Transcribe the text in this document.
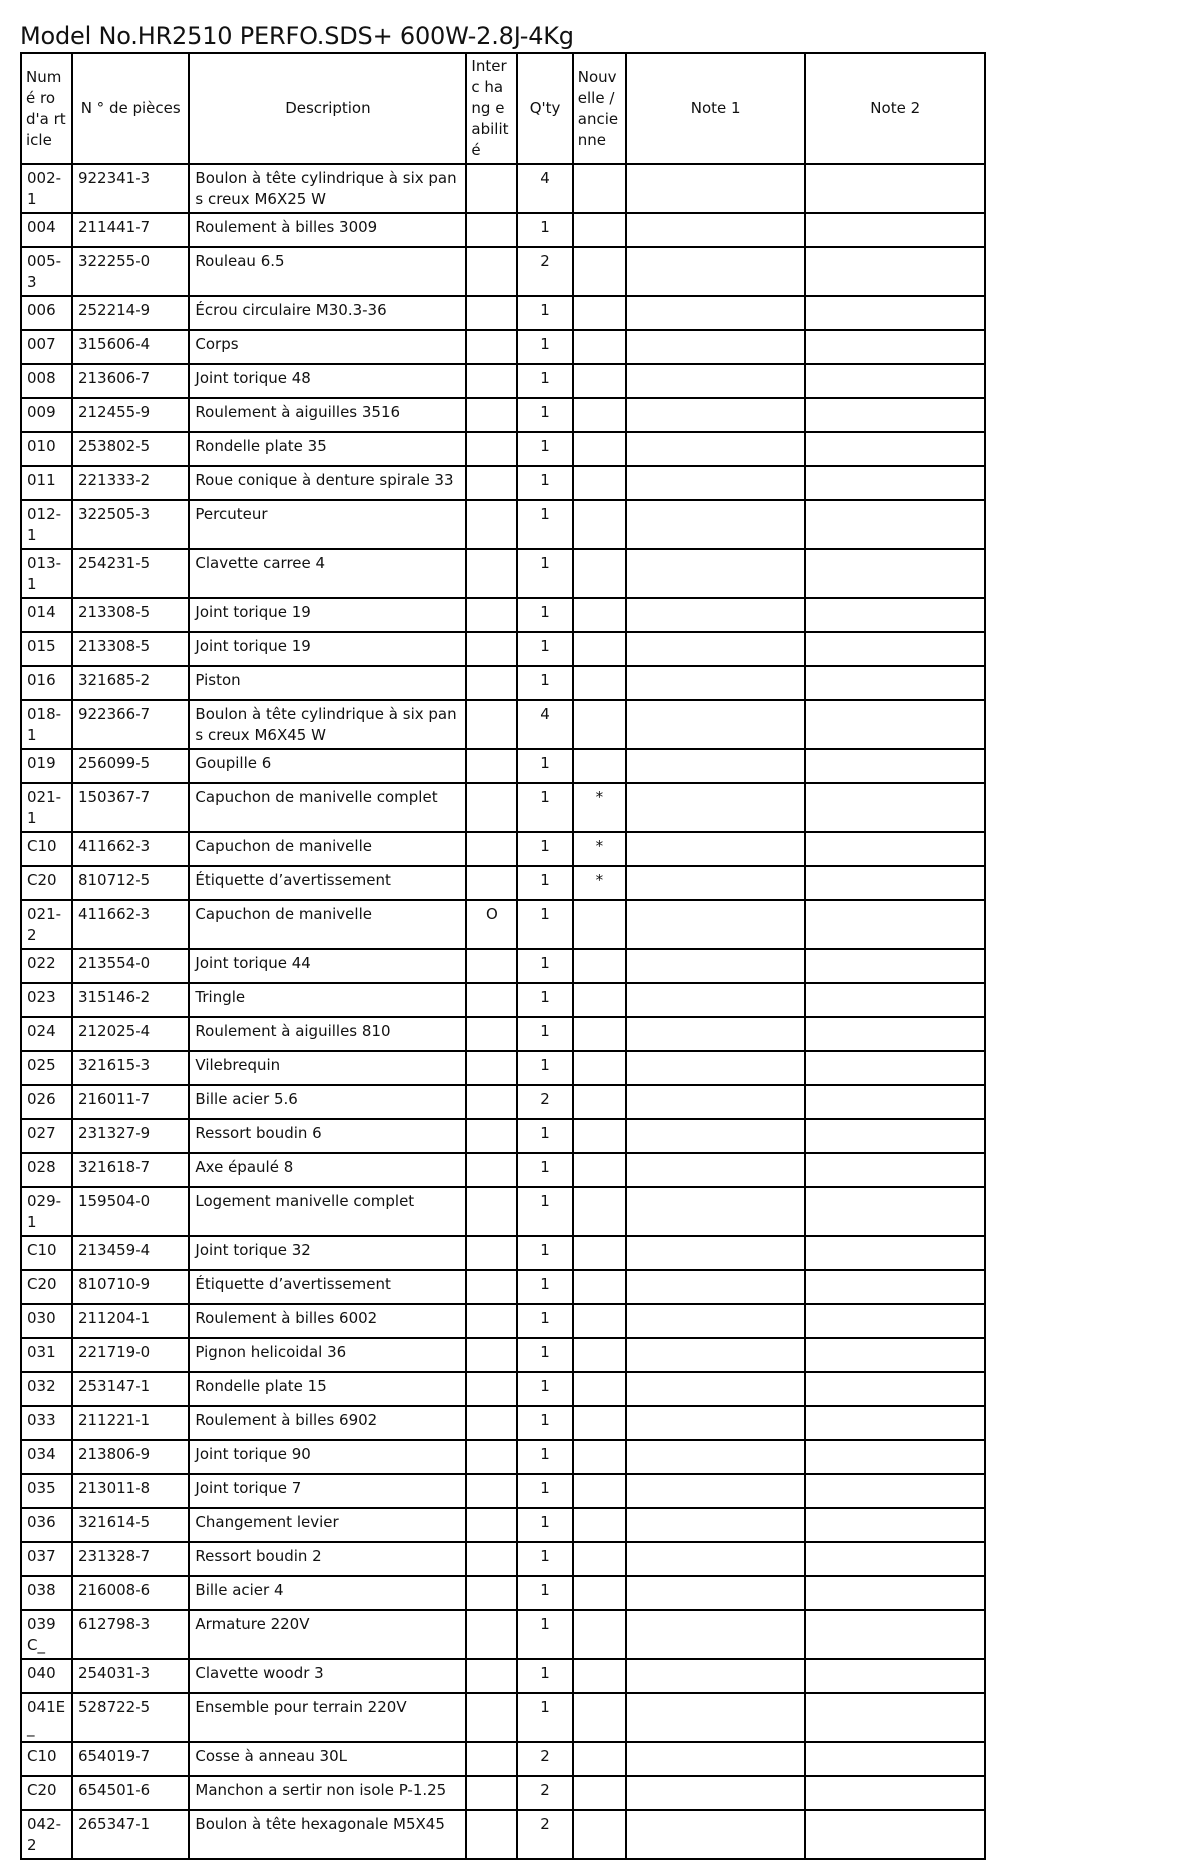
Model No.HR2510 PERFO.SDS+ 600W-2.8J-4Kg
Numé ro d'a rticle	N ° de pièces	Description	Interc hang eabilit é	Q'ty	Nouv elle / ancie nne	Note 1	Note 2
002-1	922341-3	Boulon à tête cylindrique à six pans creux M6X25 W		4			
004	211441-7	Roulement à billes 3009		1			
005-3	322255-0	Rouleau 6.5		2			
006	252214-9	Écrou circulaire M30.3-36		1			
007	315606-4	Corps		1			
008	213606-7	Joint torique 48		1			
009	212455-9	Roulement à aiguilles 3516		1			
010	253802-5	Rondelle plate 35		1			
011	221333-2	Roue conique à denture spirale 33		1			
012-1	322505-3	Percuteur		1			
013-1	254231-5	Clavette carree 4		1			
014	213308-5	Joint torique 19		1			
015	213308-5	Joint torique 19		1			
016	321685-2	Piston		1			
018-1	922366-7	Boulon à tête cylindrique à six pans creux M6X45 W		4			
019	256099-5	Goupille 6		1			
021-1	150367-7	Capuchon de manivelle complet		1	*		
C10	411662-3	Capuchon de manivelle		1	*		
C20	810712-5	Étiquette d’avertissement		1	*		
021-2	411662-3	Capuchon de manivelle	O	1			
022	213554-0	Joint torique 44		1			
023	315146-2	Tringle		1			
024	212025-4	Roulement à aiguilles 810		1			
025	321615-3	Vilebrequin		1			
026	216011-7	Bille acier 5.6		2			
027	231327-9	Ressort boudin 6		1			
028	321618-7	Axe épaulé 8		1			
029-1	159504-0	Logement manivelle complet		1			
C10	213459-4	Joint torique 32		1			
C20	810710-9	Étiquette d’avertissement		1			
030	211204-1	Roulement à billes 6002		1			
031	221719-0	Pignon helicoidal 36		1			
032	253147-1	Rondelle plate 15		1			
033	211221-1	Roulement à billes 6902		1			
034	213806-9	Joint torique 90		1			
035	213011-8	Joint torique 7		1			
036	321614-5	Changement levier		1			
037	231328-7	Ressort boudin 2		1			
038	216008-6	Bille acier 4		1			
039C_	612798-3	Armature 220V		1			
040	254031-3	Clavette woodr 3		1			
041E_	528722-5	Ensemble pour terrain 220V		1			
C10	654019-7	Cosse à anneau 30L		2			
C20	654501-6	Manchon a sertir non isole P-1.25		2			
042-2	265347-1	Boulon à tête hexagonale M5X45		2			
